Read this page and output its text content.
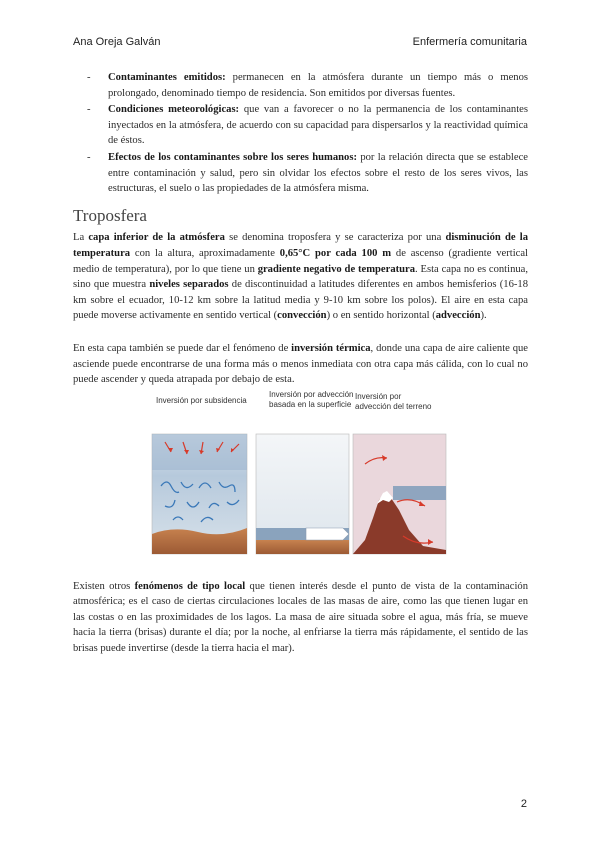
Ana Oreja Galván	Enfermería comunitaria
- Contaminantes emitidos: permanecen en la atmósfera durante un tiempo más o menos prolongado, denominado tiempo de residencia. Son emitidos por diversas fuentes.
- Condiciones meteorológicas: que van a favorecer o no la permanencia de los contaminantes inyectados en la atmósfera, de acuerdo con su capacidad para dispersarlos y la reactividad química de éstos.
- Efectos de los contaminantes sobre los seres humanos: por la relación directa que se establece entre contaminación y salud, pero sin olvidar los efectos sobre el resto de los seres vivos, las estructuras, el suelo o las propiedades de la atmósfera misma.
Troposfera

La capa inferior de la atmósfera se denomina troposfera y se caracteriza por una disminución de la temperatura con la altura, aproximadamente 0,65°C por cada 100 m de ascenso (gradiente vertical medio de temperatura), por lo que tiene un gradiente negativo de temperatura. Esta capa no es continua, sino que muestra niveles separados de discontinuidad a latitudes diferentes en ambos hemisferios (16-18 km sobre el ecuador, 10-12 km sobre la latitud media y 9-10 km sobre los polos). El aire en esta capa puede moverse activamente en sentido vertical (convección) o en sentido horizontal (advección).

En esta capa también se puede dar el fenómeno de inversión térmica, donde una capa de aire caliente que asciende puede encontrarse de una forma más o menos inmediata con otra capa más cálida, con lo cual no puede ascender y queda atrapada por debajo de esta.

Inversión por subsidencia
Inversión por advección
basada en la superficie
Inversión por
advección del terreno

Existen otros fenómenos de tipo local que tienen interés desde el punto de vista de la contaminación atmosférica; es el caso de ciertas circulaciones locales de las masas de aire, como las que tienen lugar en las costas o en las proximidades de los lagos. La masa de aire situada sobre el agua, más fría, se mueve hacia la tierra (brisas) durante el día; por la noche, al enfriarse la tierra más rápidamente, el sentido de las brisas puede invertirse (desde la tierra hacia el mar).

2
